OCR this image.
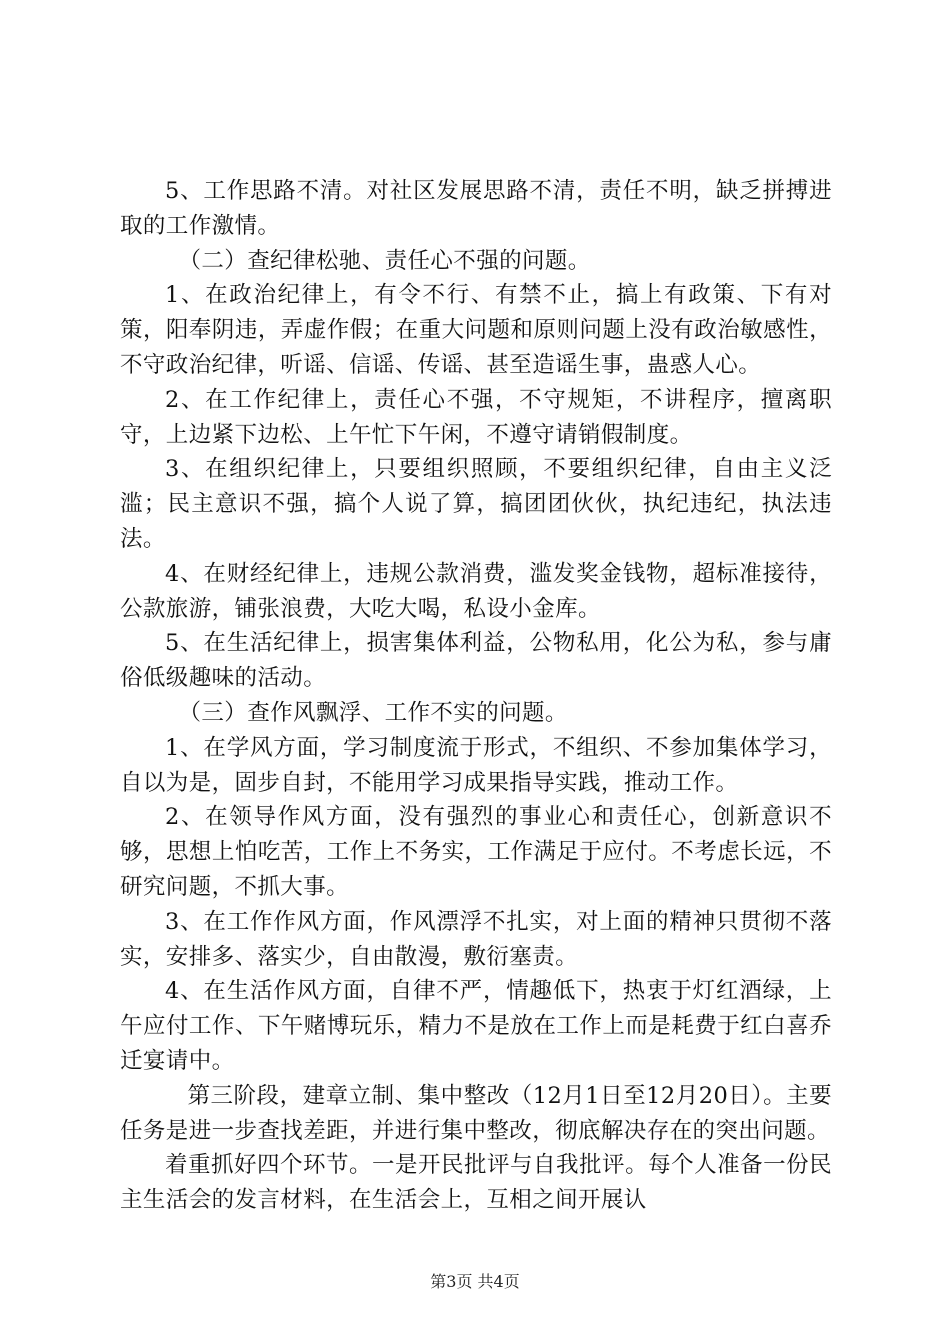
5、工作思路不清。对社区发展思路不清，责任不明，缺乏拼搏进取的工作激情。

（二）查纪律松驰、责任心不强的问题。

1、在政治纪律上，有令不行、有禁不止，搞上有政策、下有对策，阳奉阴违，弄虚作假；在重大问题和原则问题上没有政治敏感性，不守政治纪律，听谣、信谣、传谣、甚至造谣生事，蛊惑人心。

2、在工作纪律上，责任心不强，不守规矩，不讲程序，擅离职守，上边紧下边松、上午忙下午闲，不遵守请销假制度。

3、在组织纪律上，只要组织照顾，不要组织纪律，自由主义泛滥；民主意识不强，搞个人说了算，搞团团伙伙，执纪违纪，执法违法。

4、在财经纪律上，违规公款消费，滥发奖金钱物，超标准接待，公款旅游，铺张浪费，大吃大喝，私设小金库。

5、在生活纪律上，损害集体利益，公物私用，化公为私，参与庸俗低级趣味的活动。

（三）查作风飘浮、工作不实的问题。

1、在学风方面，学习制度流于形式，不组织、不参加集体学习，自以为是，固步自封，不能用学习成果指导实践，推动工作。

2、在领导作风方面，没有强烈的事业心和责任心，创新意识不够，思想上怕吃苦，工作上不务实，工作满足于应付。不考虑长远，不研究问题，不抓大事。

3、在工作作风方面，作风漂浮不扎实，对上面的精神只贯彻不落实，安排多、落实少，自由散漫，敷衍塞责。

4、在生活作风方面，自律不严，情趣低下，热衷于灯红酒绿，上午应付工作、下午赌博玩乐，精力不是放在工作上而是耗费于红白喜乔迁宴请中。

第三阶段，建章立制、集中整改（12月1日至12月20日）。主要任务是进一步查找差距，并进行集中整改，彻底解决存在的突出问题。

着重抓好四个环节。一是开民批评与自我批评。每个人准备一份民主生活会的发言材料，在生活会上，互相之间开展认

第3页 共4页
